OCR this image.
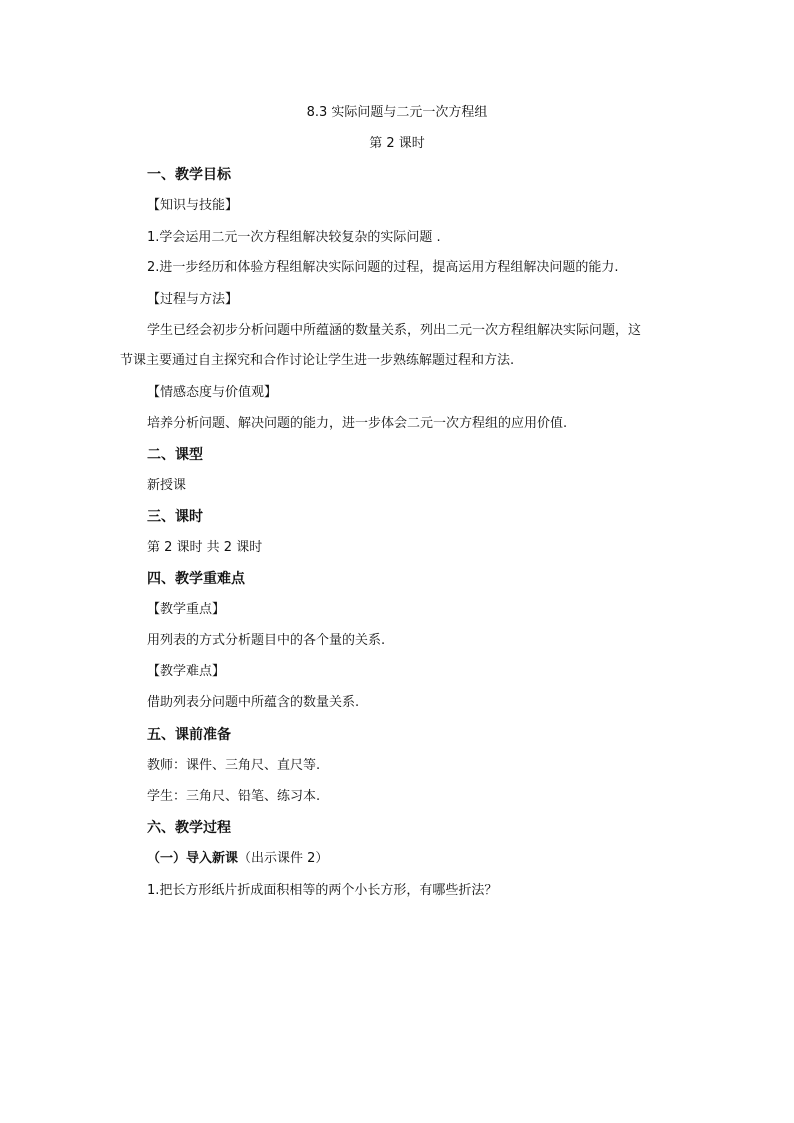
8.3 实际问题与二元一次方程组
第 2 课时
一、教学目标
【知识与技能】
1.学会运用二元一次方程组解决较复杂的实际问题 .
2.进一步经历和体验方程组解决实际问题的过程，提高运用方程组解决问题的能力.
【过程与方法】
学生已经会初步分析问题中所蕴涵的数量关系，列出二元一次方程组解决实际问题，这
节课主要通过自主探究和合作讨论让学生进一步熟练解题过程和方法.
【情感态度与价值观】
培养分析问题、解决问题的能力，进一步体会二元一次方程组的应用价值.
二、课型
新授课
三、课时
第 2 课时 共 2 课时
四、教学重难点
【教学重点】
用列表的方式分析题目中的各个量的关系.
【教学难点】
借助列表分问题中所蕴含的数量关系.
五、课前准备
教师：课件、三角尺、直尺等.
学生：三角尺、铅笔、练习本.
六、教学过程
（一）导入新课（出示课件 2）
1.把长方形纸片折成面积相等的两个小长方形，有哪些折法？
